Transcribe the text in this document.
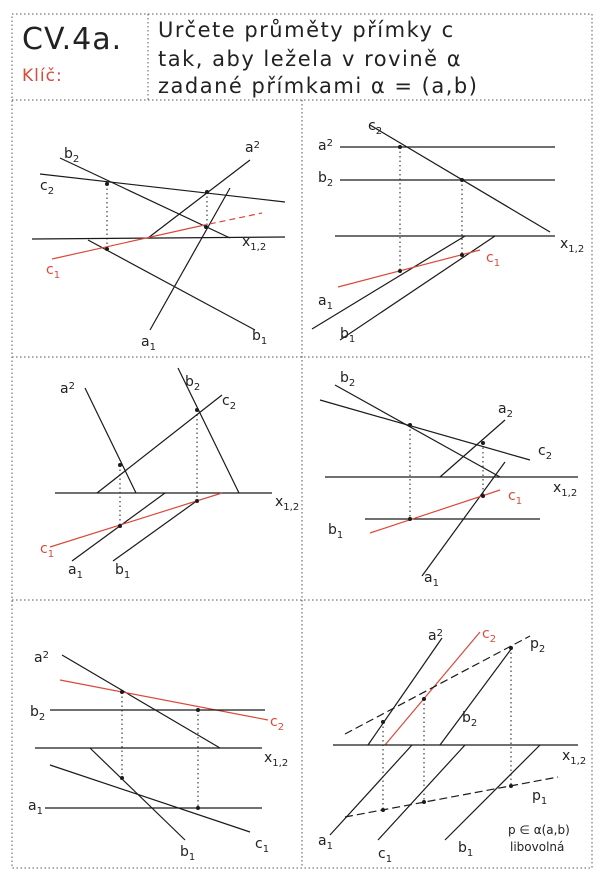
CV.4a.
Klíč:
Určete průměty přímky c
tak, aby ležela v rovině α
zadané přímkami α = (a,b)
$b_2$
$a^2$
$c_2$
$x_{1,2}$
$c_1$
$a_1$
$b_1$
$c_2$
$a^2$
$b_2$
$x_{1,2}$
$c_1$
$a_1$
$b_1$
$a^2$	$b_2$
$c_2$
$x_{1,2}$
$c_1$
$a_1$ $b_1$
$b_2$
$a_2$
$c_2$
$x_{1,2}$
$c_1$
$b_1$
$a_1$
$a^2$
$b_2$	$c_2$
$x_{1,2}$
$a_1$
$b_1$
$c_1$
$a^2$	$c_2$ $p_2$
$b_2$
$x_{1,2}$
$p_1$
$a_1$	$c_1$
$b_1$
p ∈ α(a,b)
libovolná
